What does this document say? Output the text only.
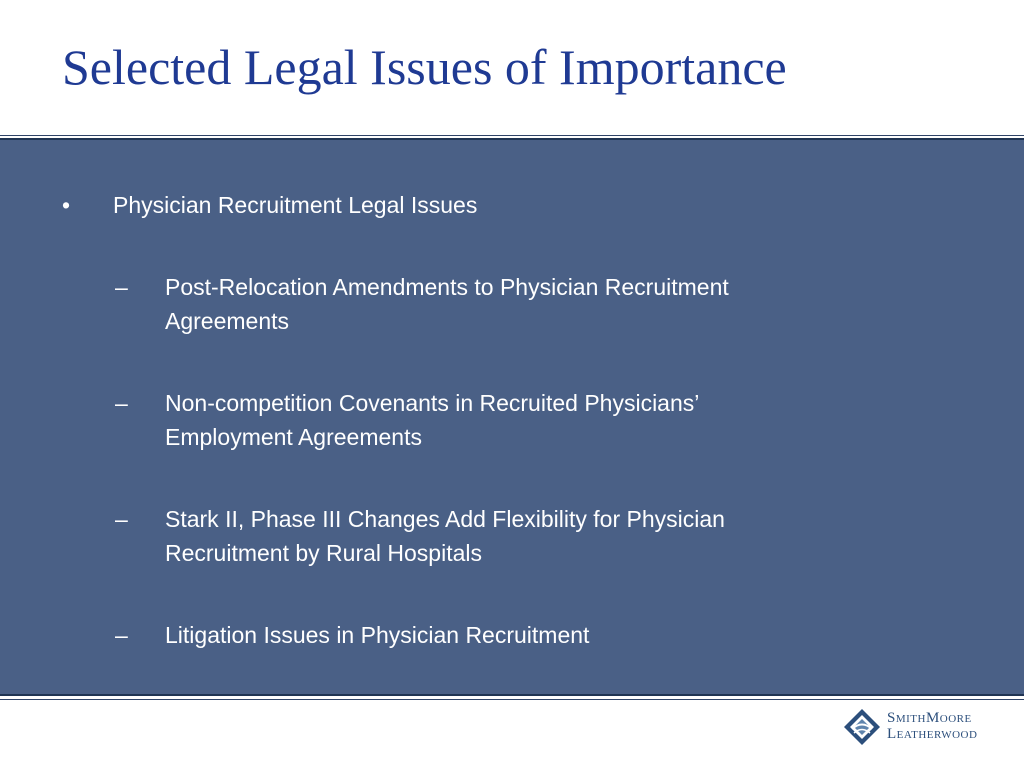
Selected Legal Issues of Importance
•	Physician Recruitment Legal Issues
–	Post-Relocation Amendments to Physician Recruitment
Agreements
–	Non-competition Covenants in Recruited Physicians’
Employment Agreements
–	Stark II, Phase III Changes Add Flexibility for Physician
Recruitment by Rural Hospitals
–	Litigation Issues in Physician Recruitment
SmithMoore
Leatherwood
